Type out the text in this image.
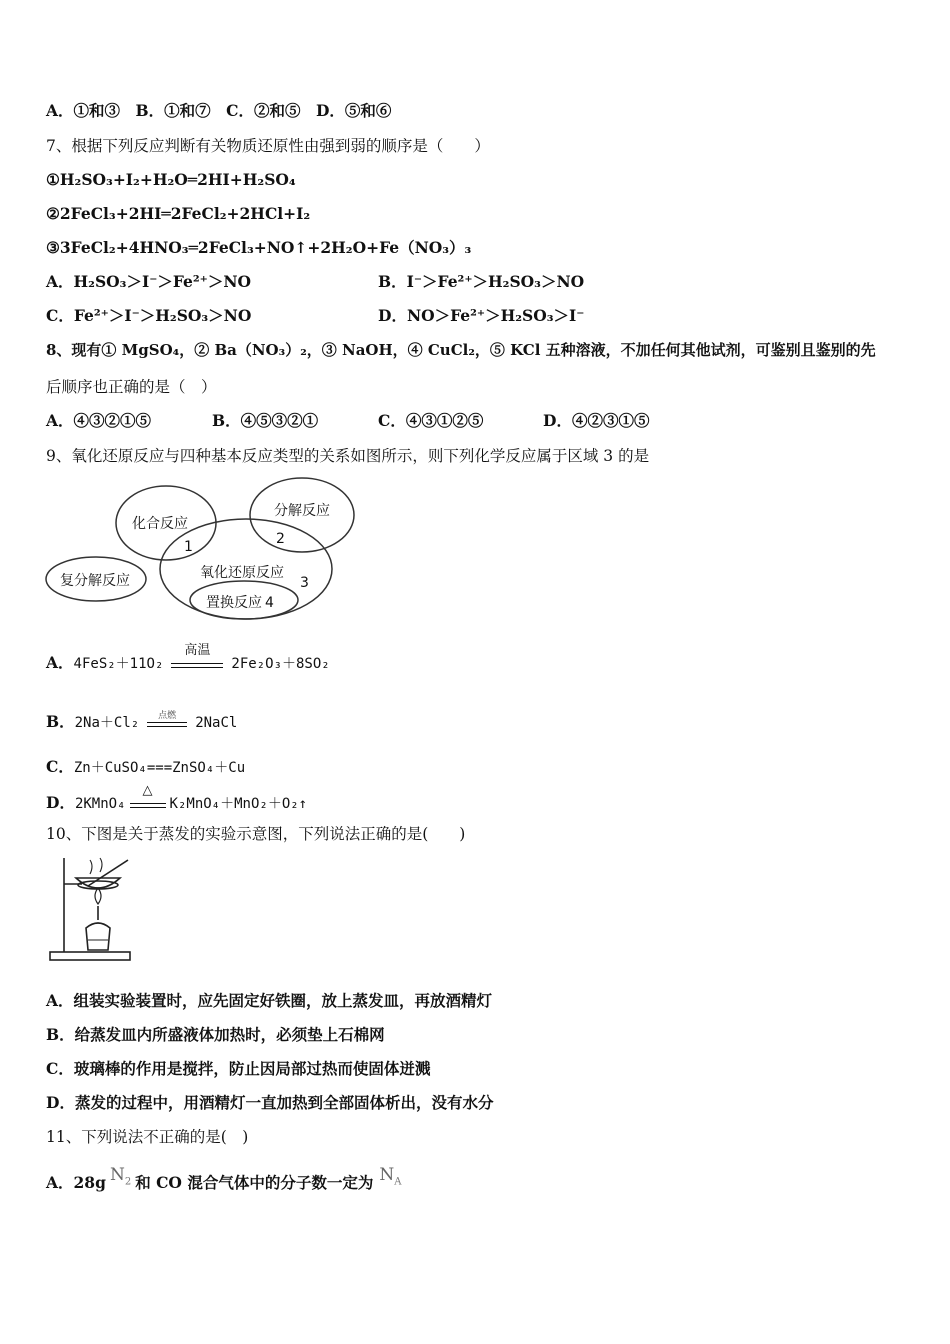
A．①和③　B．①和⑦　C．②和⑤　D．⑤和⑥
7、根据下列反应判断有关物质还原性由强到弱的顺序是（　　）
①H₂SO₃+I₂+H₂O═2HI+H₂SO₄
②2FeCl₃+2HI═2FeCl₂+2HCl+I₂
③3FeCl₂+4HNO₃═2FeCl₃+NO↑+2H₂O+Fe（NO₃）₃
A．H₂SO₃＞I⁻＞Fe²⁺＞NO	B．I⁻＞Fe²⁺＞H₂SO₃＞NO
C．Fe²⁺＞I⁻＞H₂SO₃＞NO	D．NO＞Fe²⁺＞H₂SO₃＞I⁻
8、现有① MgSO₄，② Ba（NO₃）₂，③ NaOH，④ CuCl₂，⑤ KCl 五种溶液，不加任何其他试剂，可鉴别且鉴别的先
后顺序也正确的是（　）
A．④③②①⑤	B．④⑤③②①	C．④③①②⑤	D．④②③①⑤
9、氧化还原反应与四种基本反应类型的关系如图所示，则下列化学反应属于区域 3 的是
化合反应
分解反应
复分解反应	氧化还原反应
置换反应
1	2
3
4
A．4FeS₂＋11O₂
高温
2Fe₂O₃＋8SO₂
B．2Na＋Cl₂	点燃	2NaCl
C．Zn＋CuSO₄===ZnSO₄＋Cu
D．2KMnO₄
△
K₂MnO₄＋MnO₂＋O₂↑
10、下图是关于蒸发的实验示意图，下列说法正确的是(　　)
A．组装实验装置时，应先固定好铁圈，放上蒸发皿，再放酒精灯
B．给蒸发皿内所盛液体加热时，必须垫上石棉网
C．玻璃棒的作用是搅拌，防止因局部过热而使固体迸溅
D．蒸发的过程中，用酒精灯一直加热到全部固体析出，没有水分
11、下列说法不正确的是(　)
A．28g $N_2$ 和 CO 混合气体中的分子数一定为 $N_A$
